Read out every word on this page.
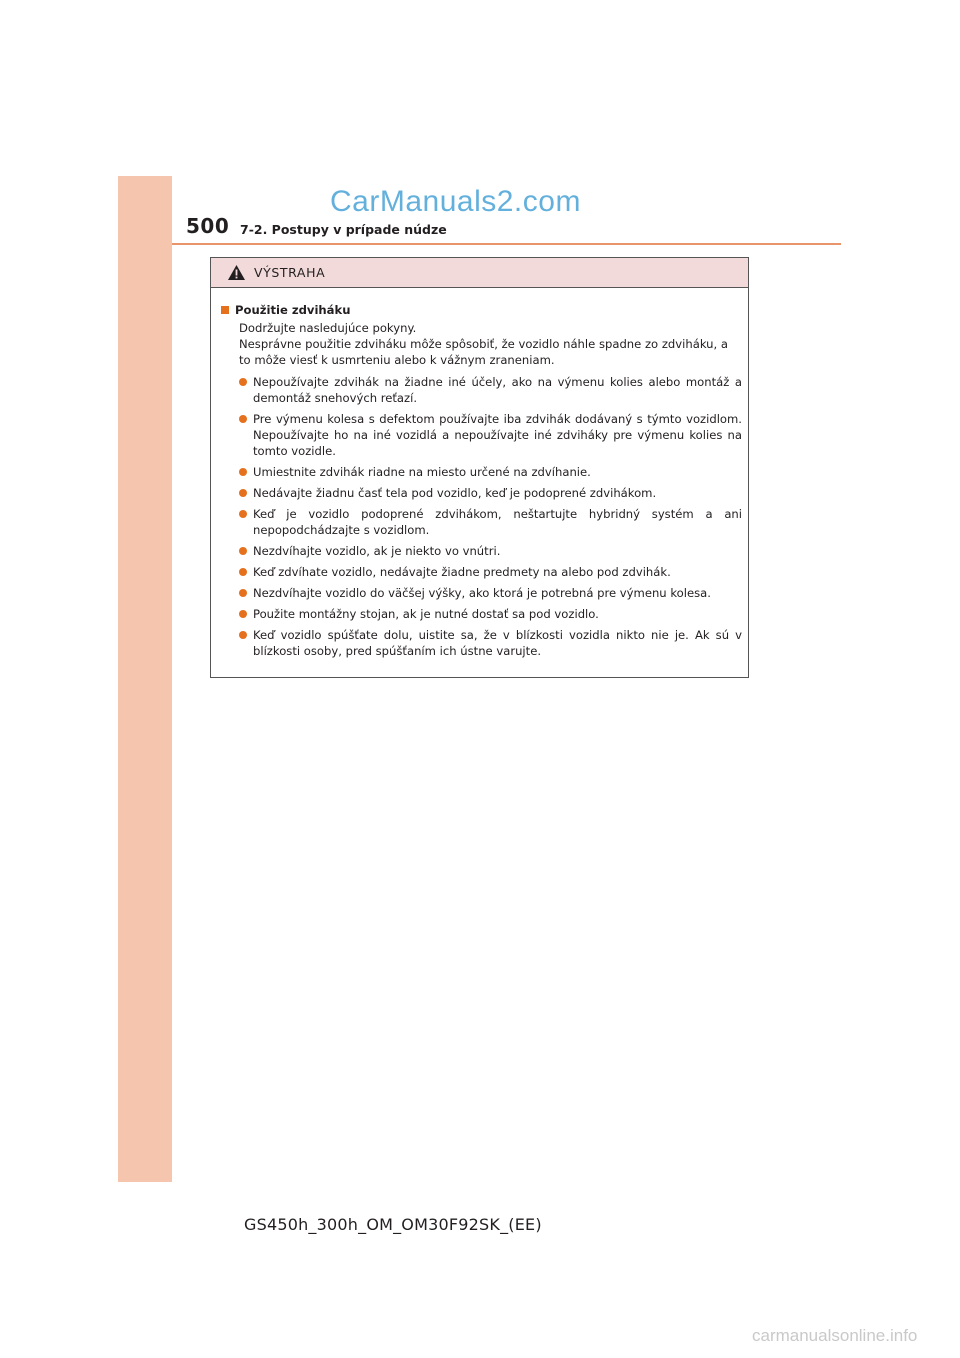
500 7-2. Postupy v prípade núdze
CarManuals2.com
VÝSTRAHA
Použitie zdviháku
Dodržujte nasledujúce pokyny.
Nesprávne použitie zdviháku môže spôsobiť, že vozidlo náhle spadne zo zdviháku, a to môže viesť k usmrteniu alebo k vážnym zraneniam.
Nepoužívajte zdvihák na žiadne iné účely, ako na výmenu kolies alebo montáž a demontáž snehových reťazí.
Pre výmenu kolesa s defektom používajte iba zdvihák dodávaný s týmto vozidlom. Nepoužívajte ho na iné vozidlá a nepoužívajte iné zdviháky pre výmenu kolies na tomto vozidle.
Umiestnite zdvihák riadne na miesto určené na zdvíhanie.
Nedávajte žiadnu časť tela pod vozidlo, keď je podoprené zdvihákom.
Keď je vozidlo podoprené zdvihákom, neštartujte hybridný systém a ani nepopodchádzajte s vozidlom.
Nezdvíhajte vozidlo, ak je niekto vo vnútri.
Keď zdvíhate vozidlo, nedávajte žiadne predmety na alebo pod zdvihák.
Nezdvíhajte vozidlo do väčšej výšky, ako ktorá je potrebná pre výmenu kolesa.
Použite montážny stojan, ak je nutné dostať sa pod vozidlo.
Keď vozidlo spúšťate dolu, uistite sa, že v blízkosti vozidla nikto nie je. Ak sú v blízkosti osoby, pred spúšťaním ich ústne varujte.
GS450h_300h_OM_OM30F92SK_(EE)
carmanualsonline.info
